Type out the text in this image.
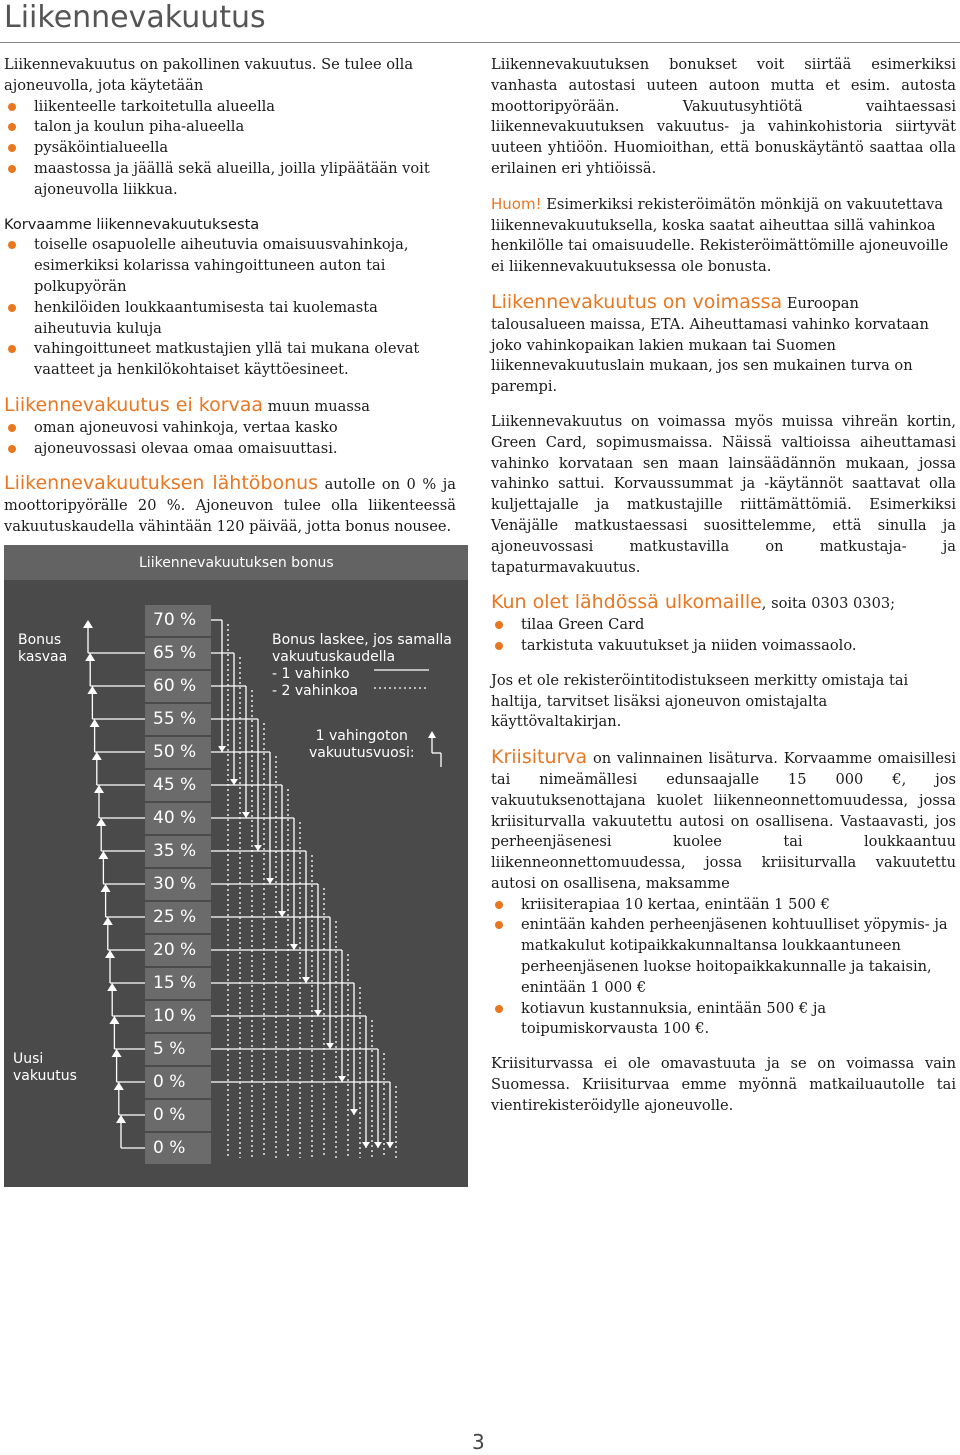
Liikennevakuutus

Liikennevakuutus on pakollinen vakuutus. Se tulee olla ajoneuvolla, jota käytetään

liikenteelle tarkoitetulla alueella
talon ja koulun piha-alueella
pysäköintialueella
maastossa ja jäällä sekä alueilla, joilla ylipäätään voit ajoneuvolla liikkua.

Korvaamme liikennevakuutuksesta

toiselle osapuolelle aiheutuvia omaisuusvahinkoja, esimerkiksi kolarissa vahingoittuneen auton tai polkupyörän
henkilöiden loukkaantumisesta tai kuolemasta aiheutuvia kuluja
vahingoittuneet matkustajien yllä tai mukana olevat vaatteet ja henkilökohtaiset käyttöesineet.

Liikennevakuutus ei korvaa muun muassa

oman ajoneuvosi vahinkoja, vertaa kasko
ajoneuvossasi olevaa omaa omaisuuttasi.

Liikennevakuutuksen lähtöbonus autolle on 0 % ja moottoripyörälle 20 %. Ajoneuvon tulee olla liikenteessä vakuutuskaudella vähintään 120 päivää, jotta bonus nousee.

Liikennevakuutuksen bonus
Bonus
kasvaa
Uusi
vakuutus
70 %
65 %
60 %
55 %
50 %
45 %
40 %
35 %
30 %
25 %
20 %
15 %
10 %
5 %
0 %
0 %
0 %
Bonus laskee, jos samalla vakuutuskaudella
- 1 vahinko
- 2 vahinkoa
1 vahingoton
vakuutusvuosi:

Liikennevakuutuksen bonukset voit siirtää esimerkiksi vanhasta autostasi uuteen autoon mutta et esim. autosta moottoripyörään. Vakuutusyhtiötä vaihtaessasi liikennevakuutuksen vakuutus- ja vahinkohistoria siirtyvät uuteen yhtiöön. Huomioithan, että bonuskäytäntö saattaa olla erilainen eri yhtiöissä.

Huom! Esimerkiksi rekisteröimätön mönkijä on vakuutettava liikennevakuutuksella, koska saatat aiheuttaa sillä vahinkoa henkilölle tai omaisuudelle. Rekisteröimättömille ajoneuvoille ei liikennevakuutuksessa ole bonusta.

Liikennevakuutus on voimassa Euroopan talousalueen maissa, ETA. Aiheuttamasi vahinko korvataan joko vahinkopaikan lakien mukaan tai Suomen liikennevakuutuslain mukaan, jos sen mukainen turva on parempi.

Liikennevakuutus on voimassa myös muissa vihreän kortin, Green Card, sopimusmaissa. Näissä valtioissa aiheuttamasi vahinko korvataan sen maan lainsäädännön mukaan, jossa vahinko sattui. Korvaussummat ja -käytännöt saattavat olla kuljettajalle ja matkustajille riittämättömiä. Esimerkiksi Venäjälle matkustaessasi suosittelemme, että sinulla ja ajoneuvossasi matkustavilla on matkustaja- ja tapaturmavakuutus.

Kun olet lähdössä ulkomaille, soita 0303 0303;

tilaa Green Card
tarkistuta vakuutukset ja niiden voimassaolo.

Jos et ole rekisteröintitodistukseen merkitty omistaja tai haltija, tarvitset lisäksi ajoneuvon omistajalta käyttövaltakirjan.

Kriisiturva on valinnainen lisäturva. Korvaamme omaisillesi tai nimeämällesi edunsaajalle 15 000 €, jos vakuutuksenottajana kuolet liikenneonnettomuudessa, jossa kriisiturvalla vakuutettu autosi on osallisena. Vastaavasti, jos perheenjäsenesi kuolee tai loukkaantuu liikenneonnettomuudessa, jossa kriisiturvalla vakuutettu autosi on osallisena, maksamme

kriisiterapiaa 10 kertaa, enintään 1 500 €
enintään kahden perheenjäsenen kohtuulliset yöpymis- ja matkakulut kotipaikkakunnaltansa loukkaantuneen perheenjäsenen luokse hoitopaikkakunnalle ja takaisin, enintään 1 000 €
kotiavun kustannuksia, enintään 500 € ja toipumiskorvausta 100 €.

Kriisiturvassa ei ole omavastuuta ja se on voimassa vain Suomessa. Kriisiturvaa emme myönnä matkailuautolle tai vientirekisteröidylle ajoneuvolle.

3
